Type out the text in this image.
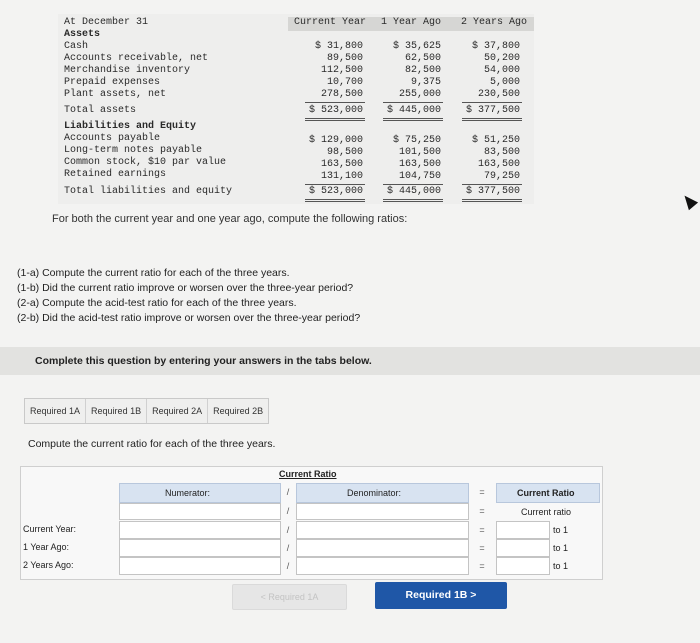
At December 31	Current Year 1 Year Ago 2 Years Ago
Assets
Cash	$ 31,800	$ 35,625	$ 37,800
Accounts receivable, net	89,500	62,500	50,200
Merchandise inventory	112,500	82,500	54,000
Prepaid expenses	10,700	9,375	5,000
Plant assets, net	278,500	255,000	230,500
Total assets	$ 523,000 $ 445,000 $ 377,500
Liabilities and Equity
Accounts payable	$ 129,000	$ 75,250	$ 51,250
Long-term notes payable	98,500	101,500	83,500
Common stock, $10 par value	163,500	163,500	163,500
Retained earnings	131,100	104,750	79,250
Total liabilities and equity	$ 523,000 $ 445,000 $ 377,500
For both the current year and one year ago, compute the following ratios:
(1-a) Compute the current ratio for each of the three years.
(1-b) Did the current ratio improve or worsen over the three-year period?
(2-a) Compute the acid-test ratio for each of the three years.
(2-b) Did the acid-test ratio improve or worsen over the three-year period?
Complete this question by entering your answers in the tabs below.
Required 1A	Required 1B	Required 2A	Required 2B
Compute the current ratio for each of the three years.
Current Ratio
Numerator:	/	Denominator:	=	Current Ratio
/	=	Current ratio
Current Year:	/	=	to 1
1 Year Ago:	/	=	to 1
2 Years Ago:	/	=	to 1
< Required 1A	Required 1B >
